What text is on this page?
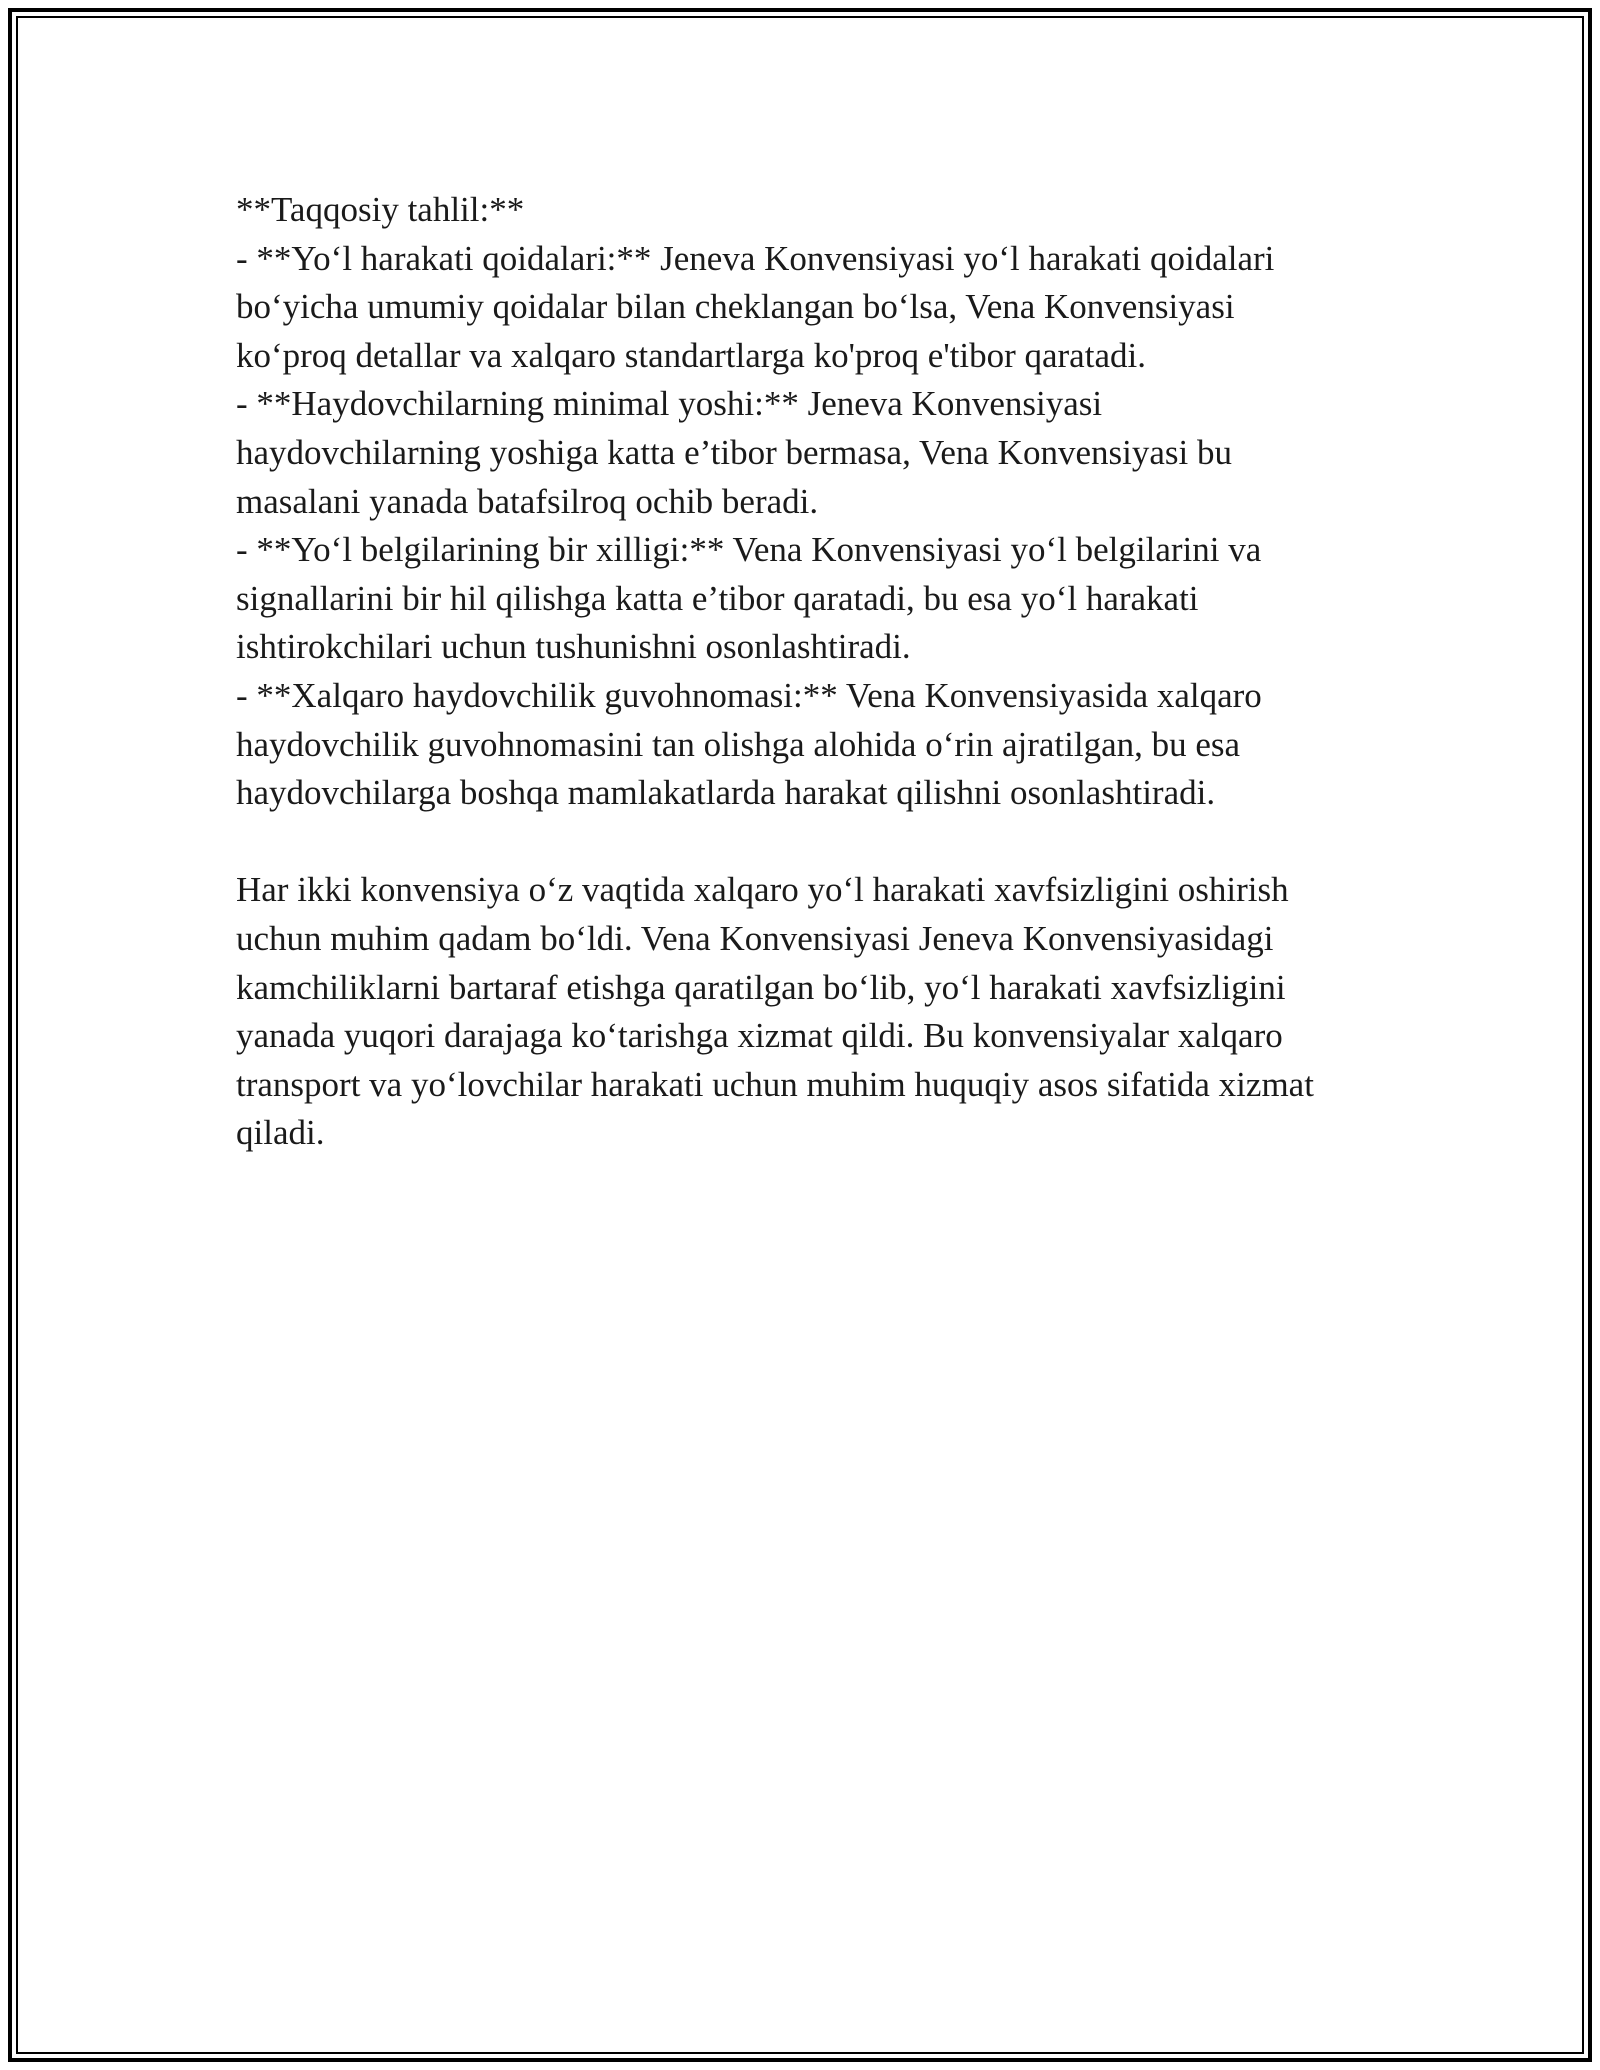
**Taqqosiy tahlil:**
- **Yo‘l harakati qoidalari:** Jeneva Konvensiyasi yo‘l harakati qoidalari
bo‘yicha umumiy qoidalar bilan cheklangan bo‘lsa, Vena Konvensiyasi
ko‘proq detallar va xalqaro standartlarga ko'proq e'tibor qaratadi.
- **Haydovchilarning minimal yoshi:** Jeneva Konvensiyasi
haydovchilarning yoshiga katta e’tibor bermasa, Vena Konvensiyasi bu
masalani yanada batafsilroq ochib beradi.
- **Yo‘l belgilarining bir xilligi:** Vena Konvensiyasi yo‘l belgilarini va
signallarini bir hil qilishga katta e’tibor qaratadi, bu esa yo‘l harakati
ishtirokchilari uchun tushunishni osonlashtiradi.
- **Xalqaro haydovchilik guvohnomasi:** Vena Konvensiyasida xalqaro
haydovchilik guvohnomasini tan olishga alohida o‘rin ajratilgan, bu esa
haydovchilarga boshqa mamlakatlarda harakat qilishni osonlashtiradi.
Har ikki konvensiya o‘z vaqtida xalqaro yo‘l harakati xavfsizligini oshirish
uchun muhim qadam bo‘ldi. Vena Konvensiyasi Jeneva Konvensiyasidagi
kamchiliklarni bartaraf etishga qaratilgan bo‘lib, yo‘l harakati xavfsizligini
yanada yuqori darajaga ko‘tarishga xizmat qildi. Bu konvensiyalar xalqaro
transport va yo‘lovchilar harakati uchun muhim huquqiy asos sifatida xizmat
qiladi.
